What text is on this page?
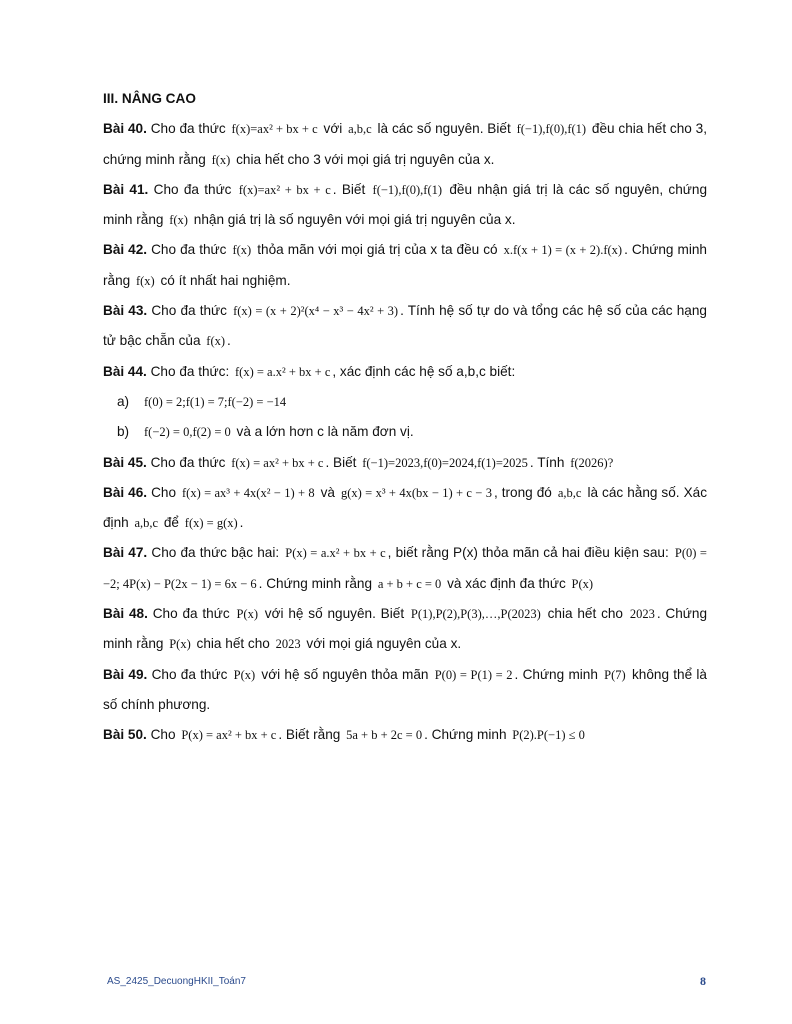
III. NÂNG CAO

Bài 40. Cho đa thức f(x)=ax² + bx + c với a,b,c là các số nguyên. Biết f(−1),f(0),f(1) đều chia hết cho 3, chứng minh rằng f(x) chia hết cho 3 với mọi giá trị nguyên của x.

Bài 41. Cho đa thức f(x)=ax² + bx + c . Biết f(−1),f(0),f(1) đều nhận giá trị là các số nguyên, chứng minh rằng f(x) nhận giá trị là số nguyên với mọi giá trị nguyên của x.

Bài 42. Cho đa thức f(x) thỏa mãn với mọi giá trị của x ta đều có x.f(x + 1) = (x + 2).f(x) . Chứng minh rằng f(x) có ít nhất hai nghiệm.

Bài 43. Cho đa thức f(x) = (x + 2)²(x⁴ − x³ − 4x² + 3) . Tính hệ số tự do và tổng các hệ số của các hạng tử bậc chẵn của f(x) .

Bài 44. Cho đa thức: f(x) = a.x² + bx + c , xác định các hệ số a,b,c biết:

a) f(0) = 2;f(1) = 7;f(−2) = −14

b) f(−2) = 0,f(2) = 0 và a lớn hơn c là năm đơn vị.

Bài 45. Cho đa thức f(x) = ax² + bx + c . Biết f(−1)=2023,f(0)=2024,f(1)=2025 . Tính f(2026)?

Bài 46. Cho f(x) = ax³ + 4x(x² − 1) + 8 và g(x) = x³ + 4x(bx − 1) + c − 3 , trong đó a,b,c là các hằng số. Xác định a,b,c để f(x) = g(x) .

Bài 47. Cho đa thức bậc hai: P(x) = a.x² + bx + c , biết rằng P(x) thỏa mãn cả hai điều kiện sau: P(0) = −2; 4P(x) − P(2x − 1) = 6x − 6 . Chứng minh rằng a + b + c = 0 và xác định đa thức P(x)

Bài 48. Cho đa thức P(x) với hệ số nguyên. Biết P(1),P(2),P(3),…,P(2023) chia hết cho 2023 . Chứng minh rằng P(x) chia hết cho 2023 với mọi giá nguyên của x.

Bài 49. Cho đa thức P(x) với hệ số nguyên thỏa mãn P(0) = P(1) = 2 . Chứng minh P(7) không thể là số chính phương.

Bài 50. Cho P(x) = ax² + bx + c . Biết rằng 5a + b + 2c = 0 . Chứng minh P(2).P(−1) ≤ 0

AS_2425_DecuongHKII_Toán7	8
